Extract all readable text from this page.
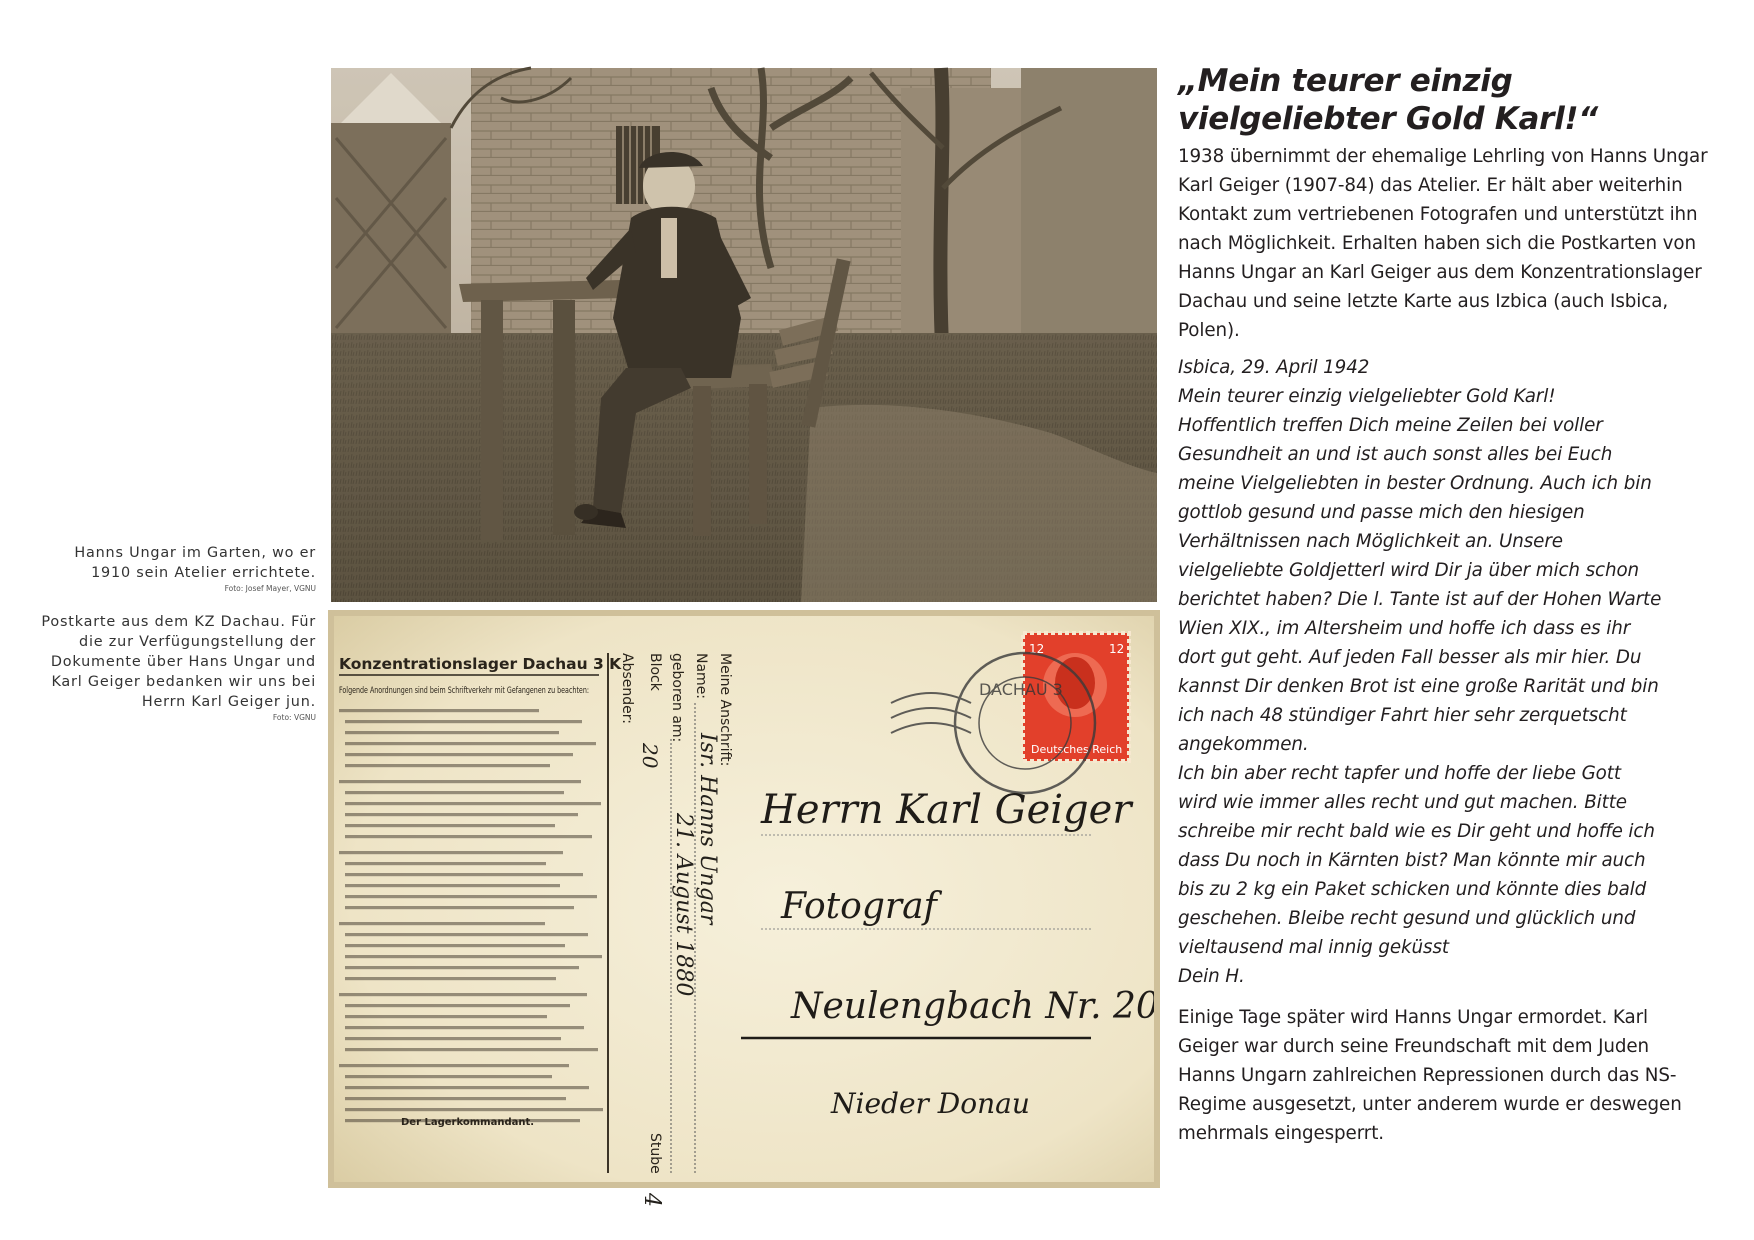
Hanns Ungar im Garten, wo er 1910 sein Atelier errichtete.
Foto: Josef Mayer, VGNU
Postkarte aus dem KZ Dachau. Für die zur Verfügungstellung der Dokumente über Hans Ungar und Karl Geiger bedanken wir uns bei Herrn Karl Geiger jun.
Foto: VGNU
Konzentrationslager Dachau 3 K
Folgende Anordnungen sind beim Schriftverkehr mit Gefangenen zu beachten:
Der Lagerkommandant.
Absender: Block
20
Stube
4
geboren am:
21. August 1880
Name:
Isr. Hanns Ungar
Meine Anschrift:
12	12
Deutsches Reich
DACHAU 3
Herrn Karl Geiger
Fotograf
Neulengbach Nr. 20
Nieder Donau
„Mein teurer einzig vielgeliebter Gold Karl!“

1938 übernimmt der ehemalige Lehrling von Hanns Ungar Karl Geiger (1907-84) das Atelier. Er hält aber weiterhin Kontakt zum vertriebenen Fotografen und unterstützt ihn nach Möglichkeit. Erhalten haben sich die Postkarten von Hanns Ungar an Karl Geiger aus dem Konzentrationslager Dachau und seine letzte Karte aus Izbica (auch Isbica, Polen).

Isbica, 29. April 1942
Mein teurer einzig vielgeliebter Gold Karl!
Hoffentlich treffen Dich meine Zeilen bei voller
Gesundheit an und ist auch sonst alles bei Euch
meine Vielgeliebten in bester Ordnung. Auch ich bin
gottlob gesund und passe mich den hiesigen
Verhältnissen nach Möglichkeit an. Unsere
vielgeliebte Goldjetterl wird Dir ja über mich schon
berichtet haben? Die l. Tante ist auf der Hohen Warte
Wien XIX., im Altersheim und hoffe ich dass es ihr
dort gut geht. Auf jeden Fall besser als mir hier. Du
kannst Dir denken Brot ist eine große Rarität und bin
ich nach 48 stündiger Fahrt hier sehr zerquetscht
angekommen.
Ich bin aber recht tapfer und hoffe der liebe Gott
wird wie immer alles recht und gut machen. Bitte
schreibe mir recht bald wie es Dir geht und hoffe ich
dass Du noch in Kärnten bist? Man könnte mir auch
bis zu 2 kg ein Paket schicken und könnte dies bald
geschehen. Bleibe recht gesund und glücklich und
vieltausend mal innig geküsst
Dein H.

Einige Tage später wird Hanns Ungar ermordet. Karl Geiger war durch seine Freundschaft mit dem Juden Hanns Ungarn zahlreichen Repressionen durch das NS-Regime ausgesetzt, unter anderem wurde er deswegen mehrmals eingesperrt.
